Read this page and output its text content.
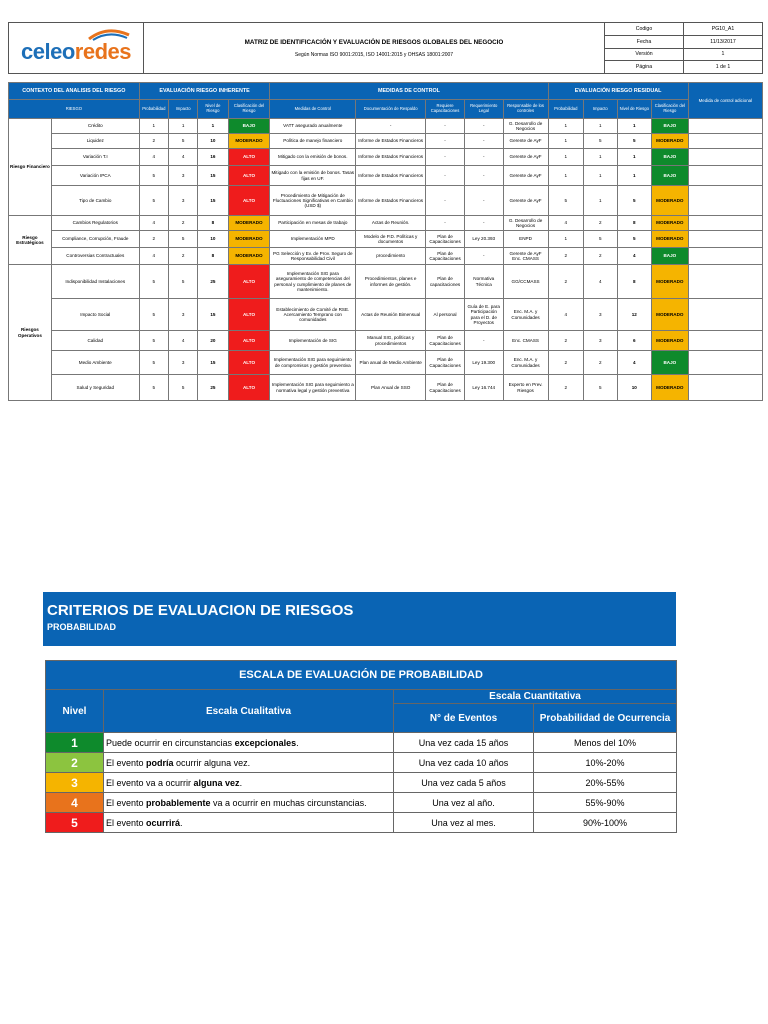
celeoredes	MATRIZ DE IDENTIFICACIÓN Y EVALUACIÓN DE RIESGOS GLOBALES DEL NEGOCIO
Según Normas ISO 9001:2015, ISO 14001:2015 y OHSAS 18001:2007	Codigo	PG10_A1
		Fecha	11/13/2017
		Versión	1
		Página	1 de 1
CONTEXTO DEL ANALISIS DEL RIESGO		EVALUACIÓN RIESGO INHERENTE				MEDIDAS DE CONTROL					EVALUACIÓN RIESGO RESIDUAL				Medida de control adicional
RIESGO		Probabilidad	Impacto	Nivel de Riesgo	Clasificación del Riesgo	Medidas de Control	Documentación de Respaldo	Requiere Capacitaciones	Requerimiento Legal	Responsable de los controles	Probabilidad	Impacto	Nivel de Riesgo	Clasificación del Riesgo	
Riesgo Financiero	Crédito	1	1	1	BAJO	VATT asegurado anualmente	-	-	-	G. Desarrollo de Negocios	1	1	1	BAJO	
	Liquidez	2	5	10	MODERADO	Política de manejo financiero	Informe de Estados Financieros	-	-	Gerente de AyF	1	5	5	MODERADO	
	Variación T.I	4	4	16	ALTO	Mitigado con la emisión de bonos.	Informe de Estados Financieros	-	-	Gerente de AyF	1	1	1	BAJO	
	Variación IPCA	5	3	15	ALTO	Mitigado con la emisión de bonos. Tasas fijas en UF.	Informe de Estados Financieros	-	-	Gerente de AyF	1	1	1	BAJO	
	Tipo de Cambio	5	3	15	ALTO	Procedimiento de Mitigación de Fluctuaciones Significativas en Cambio (USD $)	Informe de Estados Financieros	-	-	Gerente de AyF	5	1	5	MODERADO	
Riesgo Estratégicos	Cambios Regulatorios	4	2	8	MODERADO	Participación en mesas de trabajo	Actas de Reunión.	-	-	G. Desarrollo de Negocios	4	2	8	MODERADO	
	Compliance, Corrupción, Fraude	2	5	10	MODERADO	Implementación MPD	Modelo de P.D. Políticas y documentos	Plan de Capacitaciones	Ley 20.393	ENPD	1	5	5	MODERADO	
	Controversias Contractuales	4	2	8	MODERADO	PG Selección y Ev. de Prov. Seguro de Responsabilidad Civil	procedimiento	Plan de Capacitaciones	-	Gerente de AyF Enc. CMASS	2	2	4	BAJO	
Riesgos Operativos	Indisponibilidad Instalaciones	5	5	25	ALTO	Implementación SIG para aseguramiento de competencias del personal y cumplimiento de planes de mantenimiento.	Procedimientos, planes e informes de gestión.	Plan de capacitaciones	Normativa Técnica	GG/CCMASS	2	4	8	MODERADO	
	Impacto Social	5	3	15	ALTO	Establecimiento de Comité de RSE. Acercamiento Temprano con comunidades	Actas de Reunión Bimensual	Al personal	Guía de E. para Participación para el D. de Proyectos	Enc. M.A. y Comunidades	4	3	12	MODERADO	
	Calidad	5	4	20	ALTO	Implementación de SIG	Manual SIG, políticas y procedimientos	Plan de Capacitaciones	-	Enc. CMASS	2	3	6	MODERADO	
	Medio Ambiente	5	3	15	ALTO	Implementación SIG para seguimiento de compromisos y gestión preventiva	Plan anual de Medio Ambiente	Plan de Capacitaciones	Ley 19.300	Enc. M.A. y Comunidades	2	2	4	BAJO	
	Salud y Seguridad	5	5	25	ALTO	Implementación SIG para seguimiento a normativa legal y gestión preventiva	Plan Anual de SSO	Plan de Capacitaciones	Ley 16.744	Experto en Prev. Riesgos	2	5	10	MODERADO	
CRITERIOS DE EVALUACION DE RIESGOS
PROBABILIDAD
ESCALA DE EVALUACIÓN DE PROBABILIDAD			
Nivel	Escala Cualitativa	Escala Cuantitativa	
		N° de Eventos	Probabilidad de Ocurrencia
1	Puede ocurrir en circunstancias excepcionales.	Una vez cada 15 años	Menos del 10%
2	El evento podría ocurrir alguna vez.	Una vez cada 10 años	10%-20%
3	El evento va a ocurrir alguna vez.	Una vez cada 5 años	20%-55%
4	El evento probablemente va a ocurrir en muchas circunstancias.	Una vez al año.	55%-90%
5	El evento ocurrirá.	Una vez al mes.	90%-100%
